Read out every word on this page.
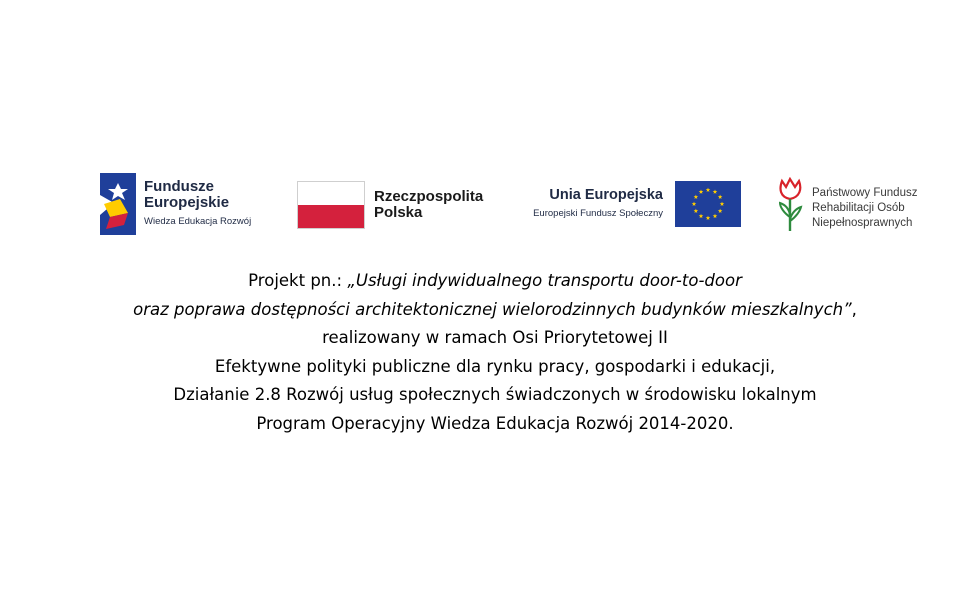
Fundusze
Europejskie
Wiedza Edukacja Rozwój
Rzeczpospolita
Polska
Unia Europejska
Europejski Fundusz Społeczny
Państwowy Fundusz
Rehabilitacji Osób
Niepełnosprawnych
Projekt pn.: „Usługi indywidualnego transportu door-to-door
oraz poprawa dostępności architektonicznej wielorodzinnych budynków mieszkalnych”,
realizowany w ramach Osi Priorytetowej II
Efektywne polityki publiczne dla rynku pracy, gospodarki i edukacji,
Działanie 2.8 Rozwój usług społecznych świadczonych w środowisku lokalnym
Program Operacyjny Wiedza Edukacja Rozwój 2014-2020.
